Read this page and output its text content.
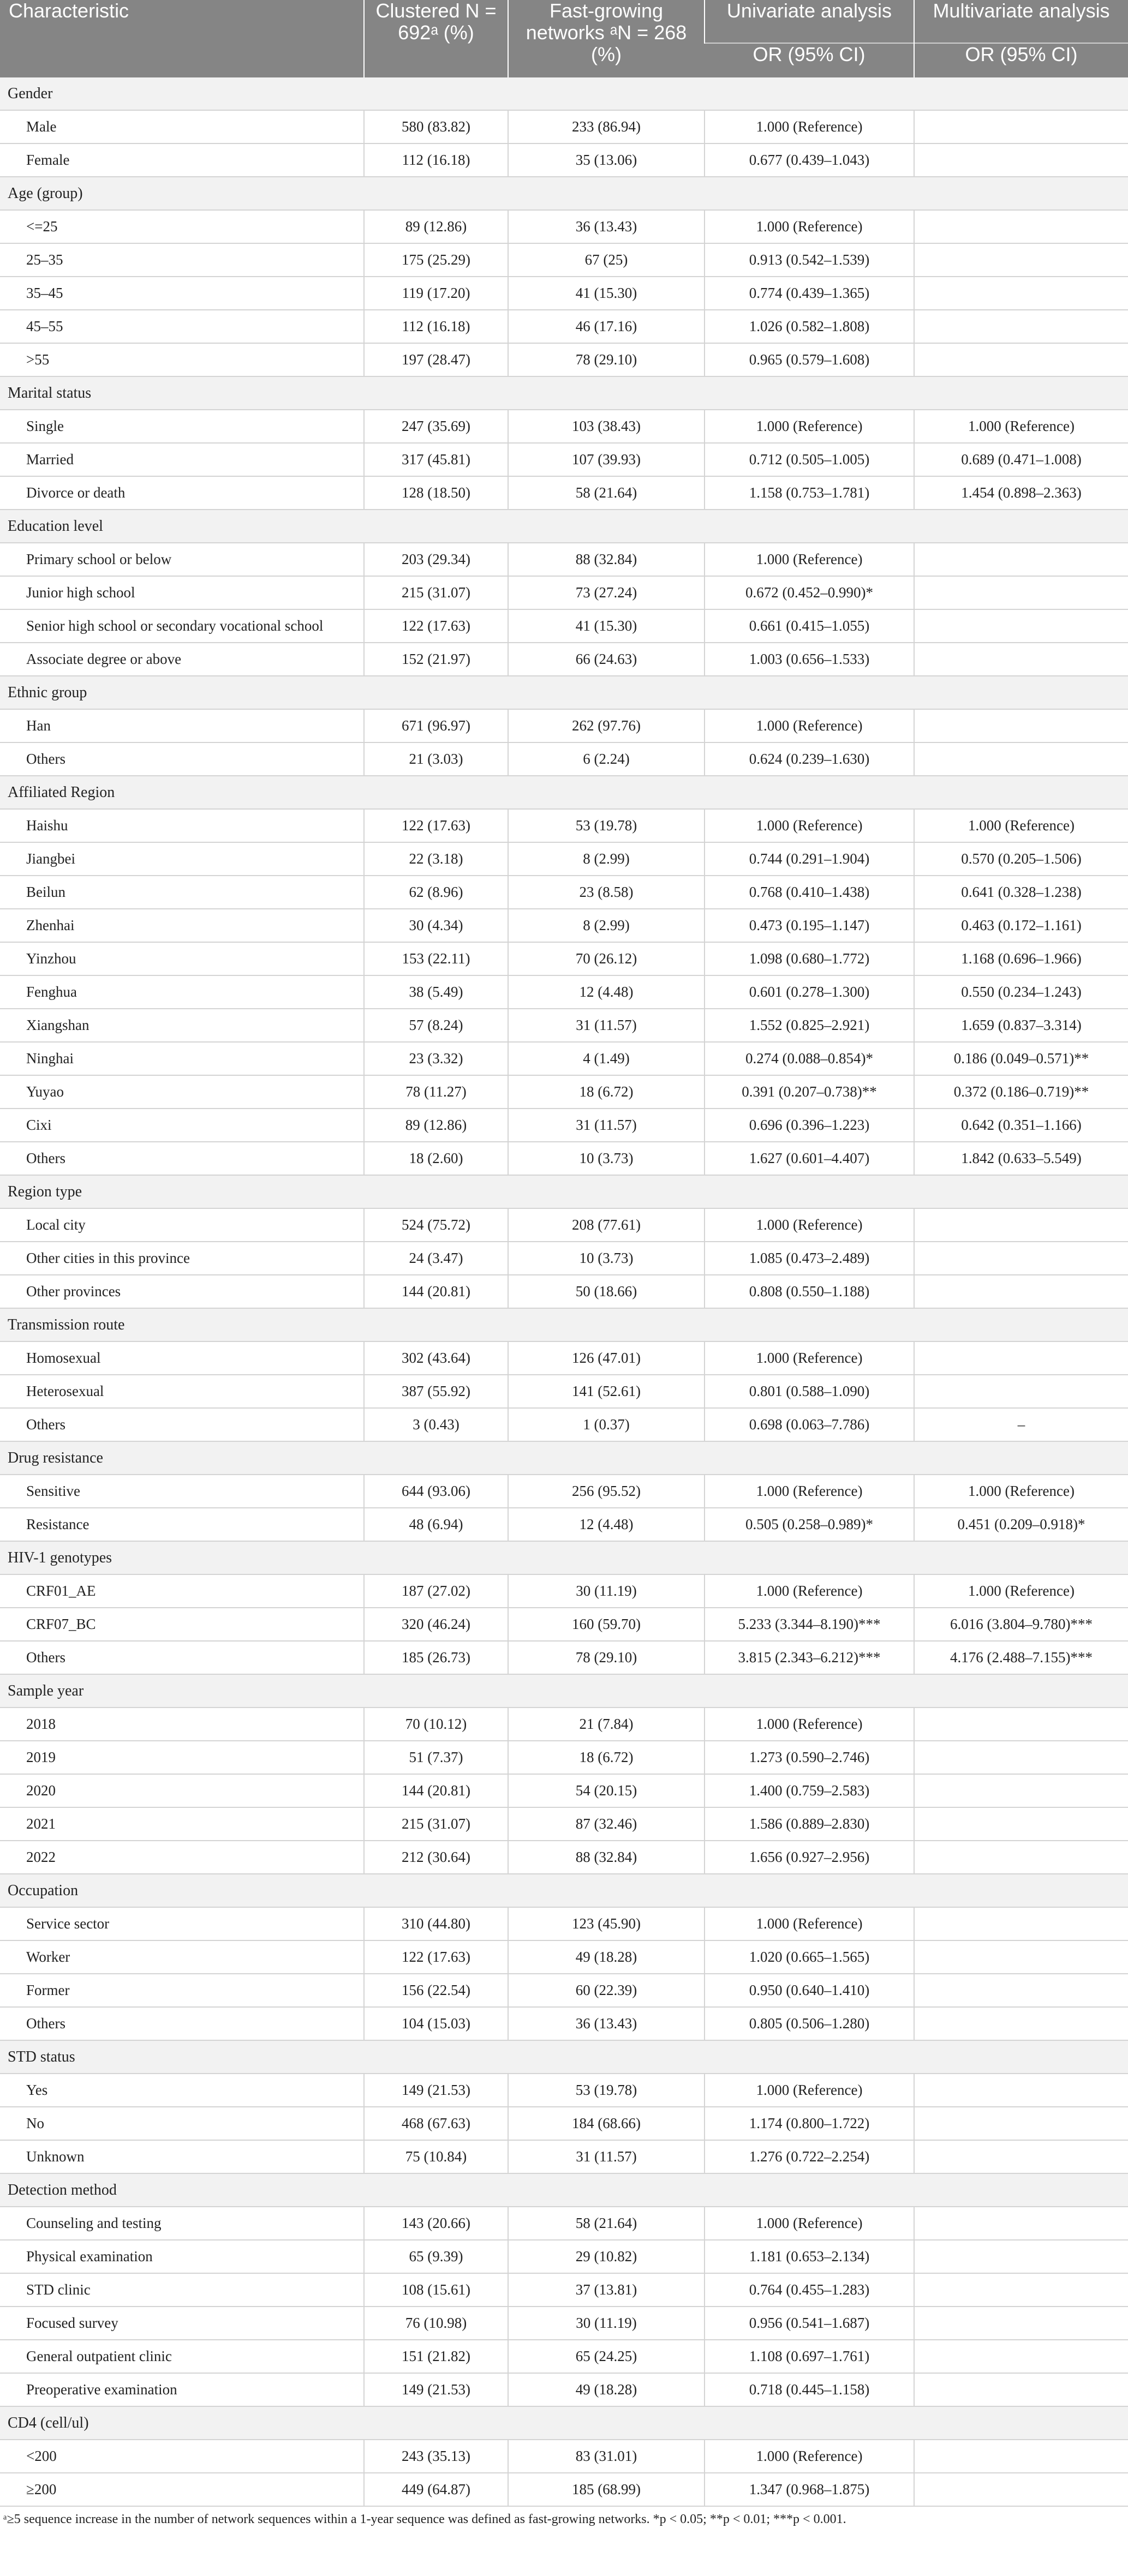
Characteristic	Clustered N = 692ᵃ (%)	Fast-growing networks ᵃN = 268 (%)	Univariate analysis	Multivariate analysis
			OR (95% CI)	OR (95% CI)
Gender				
Male	580 (83.82)	233 (86.94)	1.000 (Reference)	
Female	112 (16.18)	35 (13.06)	0.677 (0.439–1.043)	
Age (group)				
<=25	89 (12.86)	36 (13.43)	1.000 (Reference)	
25–35	175 (25.29)	67 (25)	0.913 (0.542–1.539)	
35–45	119 (17.20)	41 (15.30)	0.774 (0.439–1.365)	
45–55	112 (16.18)	46 (17.16)	1.026 (0.582–1.808)	
>55	197 (28.47)	78 (29.10)	0.965 (0.579–1.608)	
Marital status				
Single	247 (35.69)	103 (38.43)	1.000 (Reference)	1.000 (Reference)
Married	317 (45.81)	107 (39.93)	0.712 (0.505–1.005)	0.689 (0.471–1.008)
Divorce or death	128 (18.50)	58 (21.64)	1.158 (0.753–1.781)	1.454 (0.898–2.363)
Education level				
Primary school or below	203 (29.34)	88 (32.84)	1.000 (Reference)	
Junior high school	215 (31.07)	73 (27.24)	0.672 (0.452–0.990)*	
Senior high school or secondary vocational school	122 (17.63)	41 (15.30)	0.661 (0.415–1.055)	
Associate degree or above	152 (21.97)	66 (24.63)	1.003 (0.656–1.533)	
Ethnic group				
Han	671 (96.97)	262 (97.76)	1.000 (Reference)	
Others	21 (3.03)	6 (2.24)	0.624 (0.239–1.630)	
Affiliated Region				
Haishu	122 (17.63)	53 (19.78)	1.000 (Reference)	1.000 (Reference)
Jiangbei	22 (3.18)	8 (2.99)	0.744 (0.291–1.904)	0.570 (0.205–1.506)
Beilun	62 (8.96)	23 (8.58)	0.768 (0.410–1.438)	0.641 (0.328–1.238)
Zhenhai	30 (4.34)	8 (2.99)	0.473 (0.195–1.147)	0.463 (0.172–1.161)
Yinzhou	153 (22.11)	70 (26.12)	1.098 (0.680–1.772)	1.168 (0.696–1.966)
Fenghua	38 (5.49)	12 (4.48)	0.601 (0.278–1.300)	0.550 (0.234–1.243)
Xiangshan	57 (8.24)	31 (11.57)	1.552 (0.825–2.921)	1.659 (0.837–3.314)
Ninghai	23 (3.32)	4 (1.49)	0.274 (0.088–0.854)*	0.186 (0.049–0.571)**
Yuyao	78 (11.27)	18 (6.72)	0.391 (0.207–0.738)**	0.372 (0.186–0.719)**
Cixi	89 (12.86)	31 (11.57)	0.696 (0.396–1.223)	0.642 (0.351–1.166)
Others	18 (2.60)	10 (3.73)	1.627 (0.601–4.407)	1.842 (0.633–5.549)
Region type				
Local city	524 (75.72)	208 (77.61)	1.000 (Reference)	
Other cities in this province	24 (3.47)	10 (3.73)	1.085 (0.473–2.489)	
Other provinces	144 (20.81)	50 (18.66)	0.808 (0.550–1.188)	
Transmission route				
Homosexual	302 (43.64)	126 (47.01)	1.000 (Reference)	
Heterosexual	387 (55.92)	141 (52.61)	0.801 (0.588–1.090)	
Others	3 (0.43)	1 (0.37)	0.698 (0.063–7.786)	–
Drug resistance				
Sensitive	644 (93.06)	256 (95.52)	1.000 (Reference)	1.000 (Reference)
Resistance	48 (6.94)	12 (4.48)	0.505 (0.258–0.989)*	0.451 (0.209–0.918)*
HIV-1 genotypes				
CRF01_AE	187 (27.02)	30 (11.19)	1.000 (Reference)	1.000 (Reference)
CRF07_BC	320 (46.24)	160 (59.70)	5.233 (3.344–8.190)***	6.016 (3.804–9.780)***
Others	185 (26.73)	78 (29.10)	3.815 (2.343–6.212)***	4.176 (2.488–7.155)***
Sample year				
2018	70 (10.12)	21 (7.84)	1.000 (Reference)	
2019	51 (7.37)	18 (6.72)	1.273 (0.590–2.746)	
2020	144 (20.81)	54 (20.15)	1.400 (0.759–2.583)	
2021	215 (31.07)	87 (32.46)	1.586 (0.889–2.830)	
2022	212 (30.64)	88 (32.84)	1.656 (0.927–2.956)	
Occupation				
Service sector	310 (44.80)	123 (45.90)	1.000 (Reference)	
Worker	122 (17.63)	49 (18.28)	1.020 (0.665–1.565)	
Former	156 (22.54)	60 (22.39)	0.950 (0.640–1.410)	
Others	104 (15.03)	36 (13.43)	0.805 (0.506–1.280)	
STD status				
Yes	149 (21.53)	53 (19.78)	1.000 (Reference)	
No	468 (67.63)	184 (68.66)	1.174 (0.800–1.722)	
Unknown	75 (10.84)	31 (11.57)	1.276 (0.722–2.254)	
Detection method				
Counseling and testing	143 (20.66)	58 (21.64)	1.000 (Reference)	
Physical examination	65 (9.39)	29 (10.82)	1.181 (0.653–2.134)	
STD clinic	108 (15.61)	37 (13.81)	0.764 (0.455–1.283)	
Focused survey	76 (10.98)	30 (11.19)	0.956 (0.541–1.687)	
General outpatient clinic	151 (21.82)	65 (24.25)	1.108 (0.697–1.761)	
Preoperative examination	149 (21.53)	49 (18.28)	0.718 (0.445–1.158)	
CD4 (cell/ul)				
<200	243 (35.13)	83 (31.01)	1.000 (Reference)	
≥200	449 (64.87)	185 (68.99)	1.347 (0.968–1.875)	
ᵃ≥5 sequence increase in the number of network sequences within a 1-year sequence was defined as fast-growing networks. *p < 0.05; **p < 0.01; ***p < 0.001.
